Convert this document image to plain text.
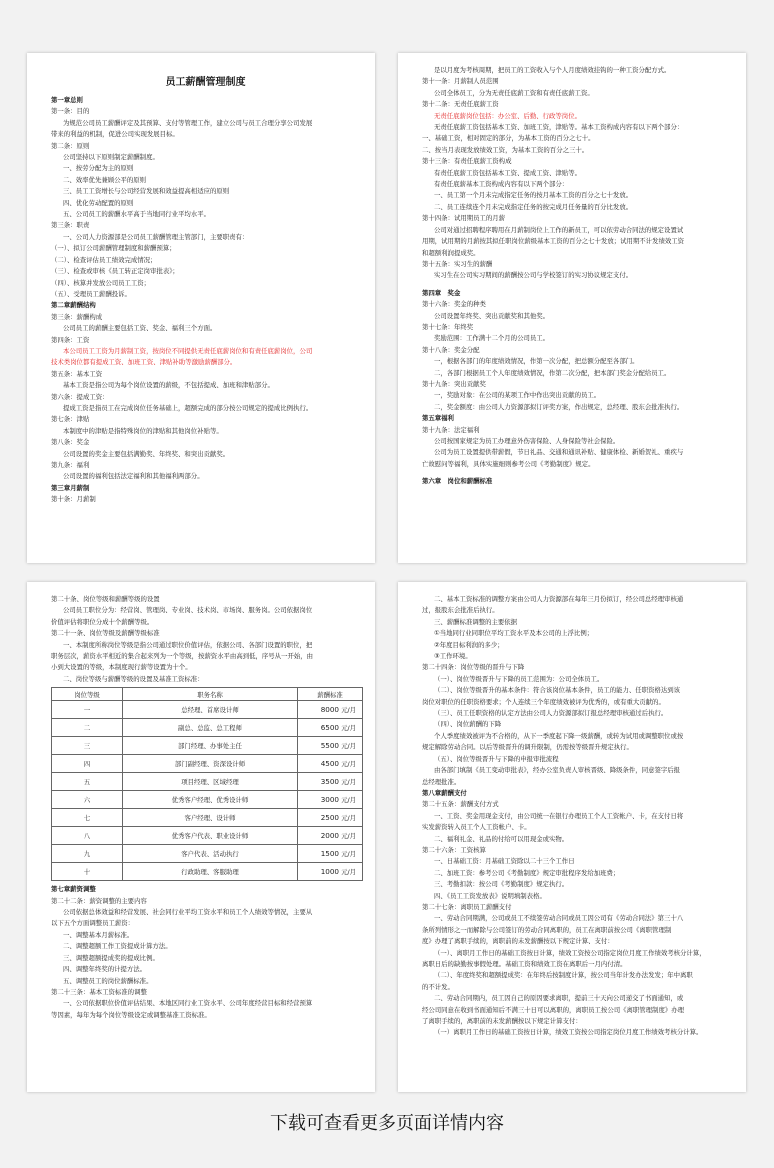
员工薪酬管理制度
第一章总则
第一条：目的
为规范公司员工薪酬评定及其预算、支付等管理工作，建立公司与员工合理分享公司发展
带来的利益的机制，促进公司实现发展目标。
第二条：原则
公司坚持以下原则制定薪酬制度。
一、按劳分配为主的原则
二、效率优先兼顾公平的原则
三、员工工资增长与公司经营发展和效益提高相适应的原则
四、优化劳动配置的原则
五、公司员工的薪酬水平高于当地同行业平均水平。
第三条：职责
一、公司人力资源部是公司员工薪酬管理主管部门，主要职责有：
（一）、拟订公司薪酬管理制度和薪酬预算；
（二）、检查评估员工绩效完成情况；
（三）、检查或审核《员工转正定岗审批表》；
（四）、核算并发放公司员工工资；
（五）、受理员工薪酬投诉。
第二章薪酬结构
第三条：薪酬构成
公司员工的薪酬主要包括工资、奖金、福利三个方面。
第四条：工资
本公司员工工资为月薪制工资，按岗位不同提供无责任底薪岗位和有责任底薪岗位，公司
技术类岗位都有提成工资、加班工资、津贴补助等激励薪酬部分。
第五条：基本工资
基本工资是指公司为每个岗位设置的薪级，不包括提成、加班和津贴部分。
第六条：提成工资：
提成工资是指员工在完成岗位任务基础上，超额完成的部分按公司规定的提成比例执行。
第七条：津贴
本制度中的津贴是指特殊岗位的津贴和其他岗位补贴等。
第八条：奖金
公司设置的奖金主要包括满勤奖、年终奖、和突出贡献奖。
第九条：福利
公司设置的福利包括法定福利和其他福利两部分。
第三章月薪制
第十条：月薪制
是以月度为考核周期，把员工的工资收入与个人月度绩效挂钩的一种工资分配方式。
第十一条：月薪制人员范围
公司全体员工，分为无责任底薪工资和有责任底薪工资。
第十二条：无责任底薪工资
无责任底薪岗位包括：办公室、后勤、行政等岗位。
无责任底薪工资包括基本工资、加班工资，津贴等。基本工资构成内容有以下两个部分：
一、基础工资，相对固定的部分，为基本工资的百分之七十。
二、按当月表现发放绩效工资，为基本工资的百分之三十。
第十三条：有责任底薪工资构成
有责任底薪工资包括基本工资、提成工资、津贴等。
有责任底薪基本工资构成内容有以下两个部分：
一、员工第一个月未完成指定任务的按月基本工资的百分之七十发放。
二、员工连续连个月未完成指定任务的按完成月任务量的百分比发放。
第十四条：试用期员工的月薪
公司对通过招聘程序聘用在月薪制岗位上工作的新员工，可以依劳动合同法的规定设置试
用期，试用期的月薪按其拟任职岗位薪级基本工资的百分之七十发放；试用期不计发绩效工资
和超额利润提成奖。
第十五条：实习生的薪酬
实习生在公司实习期间的薪酬按公司与学校签订的实习协议规定支付。
第四章　奖金
第十六条：奖金的种类
公司设置年终奖、突出贡献奖和其他奖。
第十七条：年终奖
奖励范围：工作满十二个月的公司员工。
第十八条：奖金分配
一，根据各部门的年度绩效情况，作第一次分配，把总额分配至各部门。
二，各部门根据员工个人年度绩效情况，作第二次分配，把本部门奖金分配给员工。
第十九条：突出贡献奖
一，奖励对象：在公司的某项工作中作出突出贡献的员工。
二，奖金额度：由公司人力资源部拟订评奖方案，作出规定，总经理、股东会批准执行。
第五章福利
第十九条：法定福利
公司按国家规定为员工办理意外伤害保险、人身保险等社会保险。
公司为员工设置提供带薪假，节日礼品、交通和通讯补贴、健康体检、新婚贺礼、重疾与
亡故慰问等福利，具体实施细则参考公司《考勤制度》规定。
第六章　岗位和薪酬标准
第二十条、岗位等级和薪酬等级的设置
公司员工职位分为：经营岗、管理岗、专业岗、技术岗、市场岗、服务岗。公司依据岗位
价值评估将职位分成十个薪酬等级。
第二十一条、岗位等级及薪酬等级标准
一、本制度所称岗位等级是指公司通过职位价值评估，依据公司、各部门设置的职位，把
职务层次，薪资水平相近的集合起来列为一个等级，按薪资水平由高到低，序号从一开始，由
小到大设置的等级，本制度现行薪等设置为十个。
二、岗位等级与薪酬等级的设置及基准工资标准：
岗位等级	职务名称	薪酬标准
一	总经理、首席设计师	8000 元/月
二	副总、总监、总工程师	6500 元/月
三	部门经理、办事处主任	5500 元/月
四	部门副经理、资深设计师	4500 元/月
五	项目经理、区域经理	3500 元/月
六	优秀客户经理、优秀设计师	3000 元/月
七	客户经理、设计师	2500 元/月
八	优秀客户代表、职业设计师	2000 元/月
九	客户代表、活动执行	1500 元/月
十	行政助理、客服助理	1000 元/月
第七章薪资调整
第二十二条：薪资调整的主要内容
公司依据总体效益和经营发展、社会同行业平均工资水平和员工个人绩效等情况，主要从
以下五个方面调整员工薪资：
一、调整基本月薪标准。
二、调整超额工作工资提成计算方法。
三、调整超额提成奖的提成比例。
四、调整年终奖的计提方法。
五、调整员工的岗位薪酬标准。
第二十三条：基本工资标准的调整
一、公司依据职位价值评估结果、本地区同行业工资水平、公司年度经营目标和经营预算
等因素，每年为每个岗位等级设定或调整基准工资标准。
二、基本工资标准的调整方案由公司人力资源部在每年三月份拟订，经公司总经理审核通
过，报股东会批准后执行。
三、薪酬标准调整的主要依据
①当地同行业同职位平均工资水平及本公司的上浮比例；
②年度目标利润的多少；
③工作环境。
第二十四条：岗位等级的晋升与下降
（一）、岗位等级晋升与下降的员工范围为：公司全体员工。
（二）、岗位等级晋升的基本条件：符合该岗位基本条件，员工的能力、任职资格达到该
岗位对职位的任职资格要求；个人连续三个年度绩效被评为优秀的，或有重大贡献的。
（三）、员工任职资格的认定方法由公司人力资源部拟订报总经理审核通过后执行。
（四）、岗位薪酬的下降
个人季度绩效被评为不合格的，从下一季度起下降一级薪酬，或转为试用或调整职位或按
规定解除劳动合同。以后等级晋升的调升限制，仍需按等级晋升规定执行。
（五）、岗位等级晋升与下降的申报审批流程
由各部门填制《员工变动审批表》，经办公室负责人审核晋级、降级条件，同意签字后报
总经理批准。
第八章薪酬支付
第二十五条：薪酬支付方式
一、工资、奖金用现金支付，由公司统一在银行办理员工个人工资帐户、卡，在支付日将
实发薪资转入员工个人工资帐户、卡。
二、福利礼金、礼品的付给可以用现金或实物。
第二十六条：工资核算
一、日基础工资：月基础工资除以二十三个工作日
二、加班工资：参考公司《考勤制度》规定审批程序发给加班费；
三、考勤扣款：按公司《考勤制度》规定执行。
四、《员工工资发放表》说明填制表格。
第二十七条：离职员工薪酬支付
一、劳动合同期满，公司或员工不续签劳动合同或员工因公司有《劳动合同法》第三十八
条所列情形之一而解除与公司签订的劳动合同离职的，员工在离职前按公司《离职管理制
度》办理了离职手续的，离职前的未发薪酬按以下规定计算、支付：
（一）、离职月工作日的基础工资按日计算，绩效工资按公司指定岗位月度工作绩效考核分计算，
离职日后的缺勤按事假处理。基础工资和绩效工资在离职后一月内付清。
（二）、年度终奖和超额提成奖：在年终后按制度计算，按公司当年计发办法发发；年中离职
的不计发。
二、劳动合同期内，员工因自己的原因要求离职，提前三十天向公司递交了书面通知，或
经公司同意在收到书面通知后不满三十日可以离职的，离职员工按公司《离职管理制度》办理
了离职手续的，离职前的未发薪酬按以下规定计算支付：
（一）离职月工作日的基础工资按日计算，绩效工资按公司指定岗位月度工作绩效考核分计算。
下载可查看更多页面详情内容
